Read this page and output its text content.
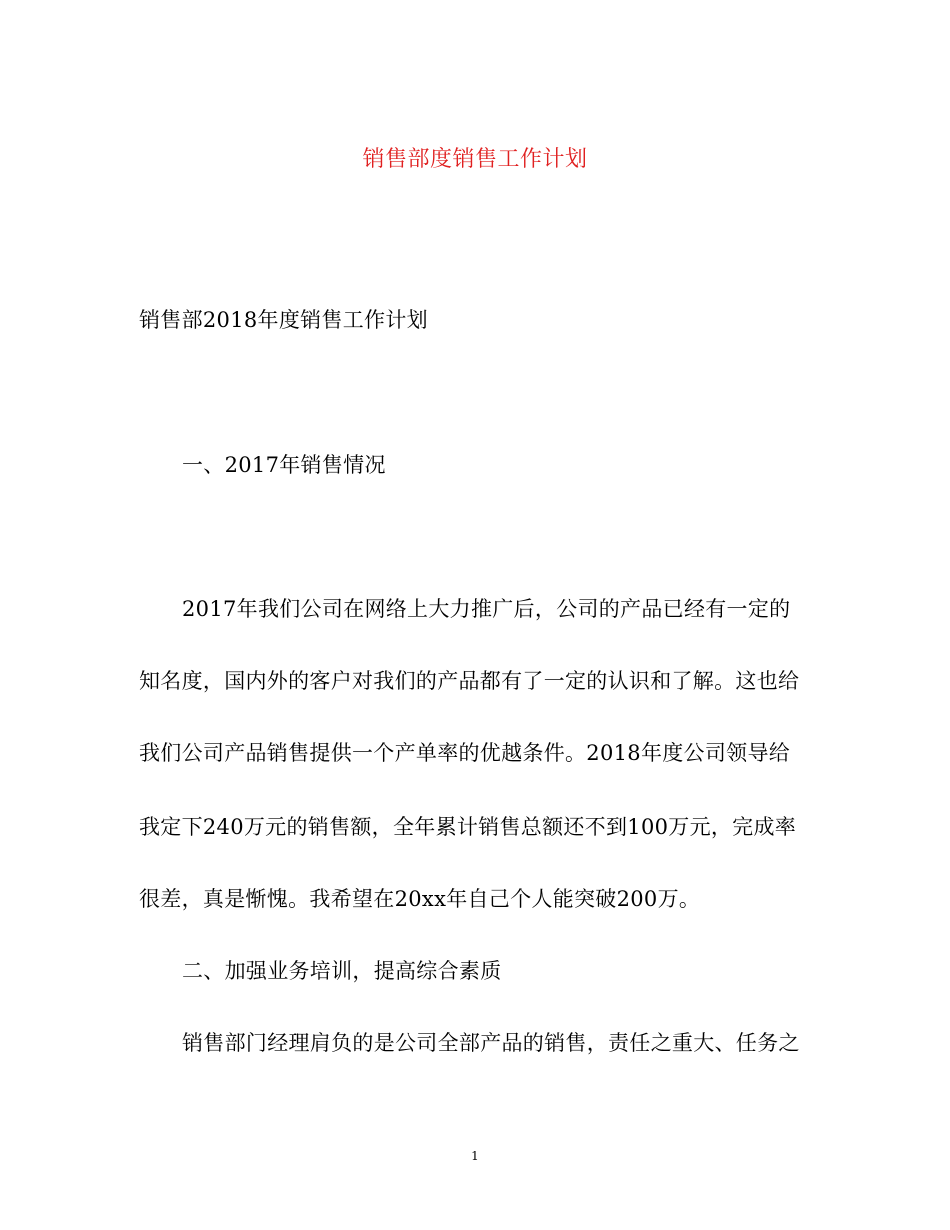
销售部度销售工作计划
销售部2018年度销售工作计划
一、2017年销售情况
2017年我们公司在网络上大力推广后，公司的产品已经有一定的
知名度，国内外的客户对我们的产品都有了一定的认识和了解。这也给
我们公司产品销售提供一个产单率的优越条件。2018年度公司领导给
我定下240万元的销售额，全年累计销售总额还不到100万元，完成率
很差，真是惭愧。我希望在20xx年自己个人能突破200万。
二、加强业务培训，提高综合素质
销售部门经理肩负的是公司全部产品的销售，责任之重大、任务之
1
